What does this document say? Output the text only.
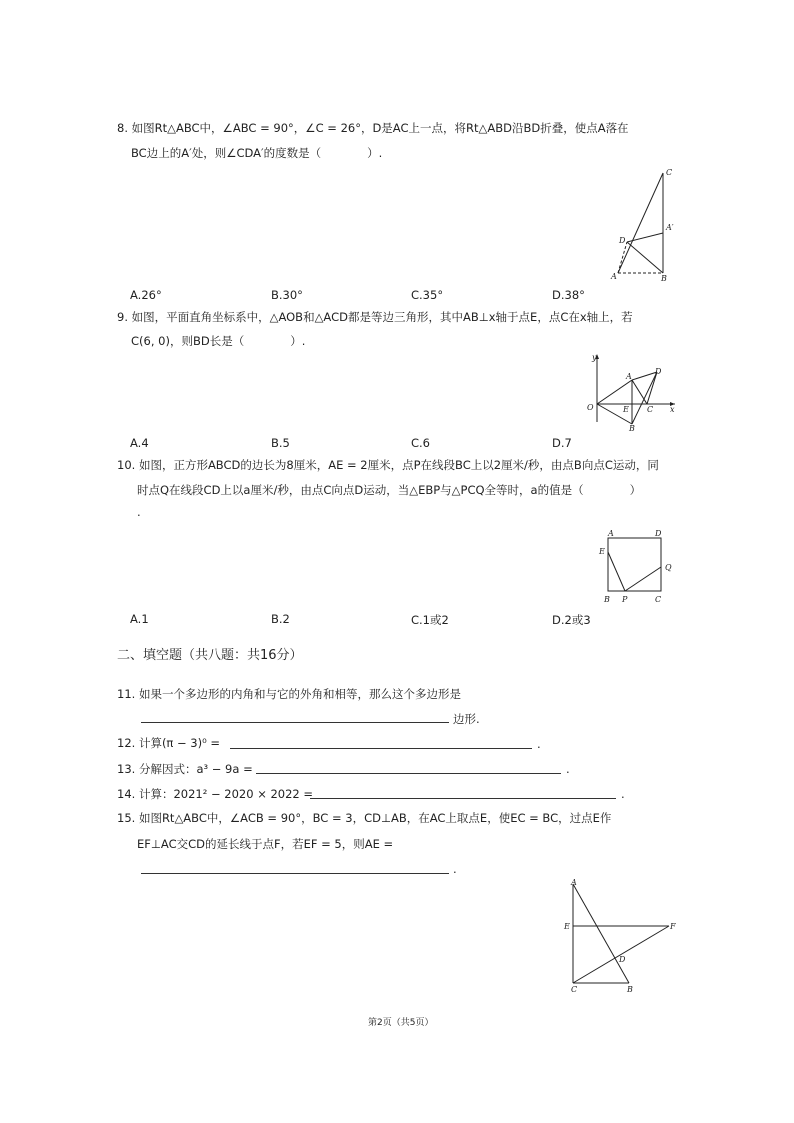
8. 如图Rt△ABC中，∠ABC = 90°，∠C = 26°，D是AC上一点，将Rt△ABD沿BD折叠，使点A落在
BC边上的A′处，则∠CDA′的度数是（　　　　）.
C
A′
D
A	B
A.26°	B.30°	C.35°	D.38°
9. 如图，平面直角坐标系中，△AOB和△ACD都是等边三角形，其中AB⊥x轴于点E，点C在x轴上，若
C(6, 0)，则BD长是（　　　　）.
y
x
O
A
D
E C
B
A.4	B.5	C.6	D.7
10. 如图，正方形ABCD的边长为8厘米，AE = 2厘米，点P在线段BC上以2厘米/秒，由点B向点C运动，同
时点Q在线段CD上以a厘米/秒，由点C向点D运动，当△EBP与△PCQ全等时，a的值是（　　　　）
.
A	D
E
Q
B P	C
A.1	B.2	C.1或2	D.2或3
二、填空题（共八题：共16分）
11. 如果一个多边形的内角和与它的外角和相等，那么这个多边形是
边形.
12. 计算(π − 3)⁰ =	.
13. 分解因式：a³ − 9a =	.
14. 计算：2021² − 2020 × 2022 =	.
15. 如图Rt△ABC中，∠ACB = 90°，BC = 3，CD⊥AB，在AC上取点E，使EC = BC，过点E作
EF⊥AC交CD的延长线于点F，若EF = 5，则AE =
.
A
E	F
D
C	B
第2页（共5页）
